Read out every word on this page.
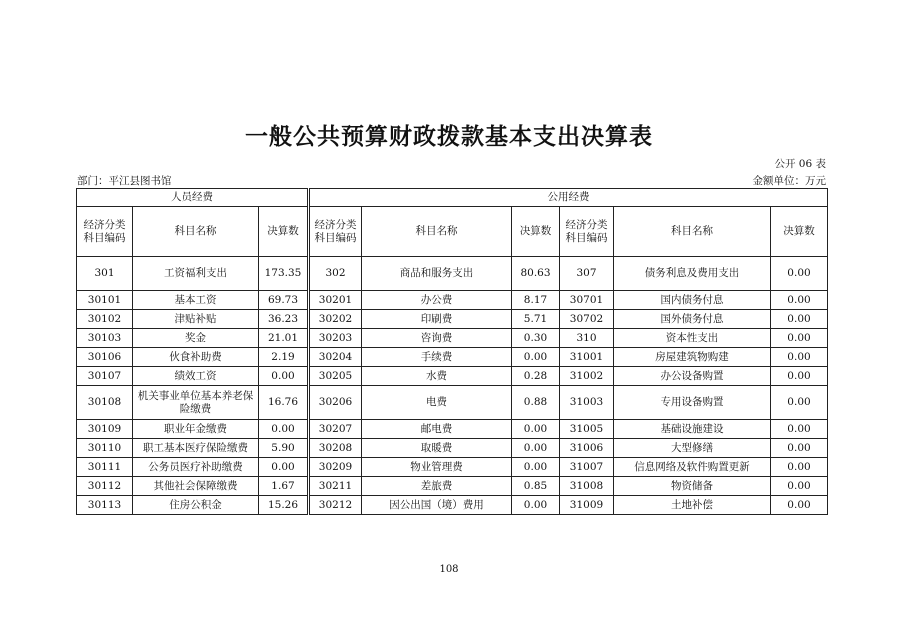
一般公共预算财政拨款基本支出决算表
公开 06 表
部门：平江县图书馆	金额单位：万元
人员经费			公用经费					
经济分类科目编码	科目名称	决算数	经济分类科目编码	科目名称	决算数	经济分类科目编码	科目名称	决算数
301	工资福利支出	173.35	302	商品和服务支出	80.63	307	债务利息及费用支出	0.00
30101	基本工资	69.73	30201	办公费	8.17	30701	国内债务付息	0.00
30102	津贴补贴	36.23	30202	印刷费	5.71	30702	国外债务付息	0.00
30103	奖金	21.01	30203	咨询费	0.30	310	资本性支出	0.00
30106	伙食补助费	2.19	30204	手续费	0.00	31001	房屋建筑物购建	0.00
30107	绩效工资	0.00	30205	水费	0.28	31002	办公设备购置	0.00
30108	机关事业单位基本养老保险缴费	16.76	30206	电费	0.88	31003	专用设备购置	0.00
30109	职业年金缴费	0.00	30207	邮电费	0.00	31005	基础设施建设	0.00
30110	职工基本医疗保险缴费	5.90	30208	取暖费	0.00	31006	大型修缮	0.00
30111	公务员医疗补助缴费	0.00	30209	物业管理费	0.00	31007	信息网络及软件购置更新	0.00
30112	其他社会保障缴费	1.67	30211	差旅费	0.85	31008	物资储备	0.00
30113	住房公积金	15.26	30212	因公出国（境）费用	0.00	31009	土地补偿	0.00
108
